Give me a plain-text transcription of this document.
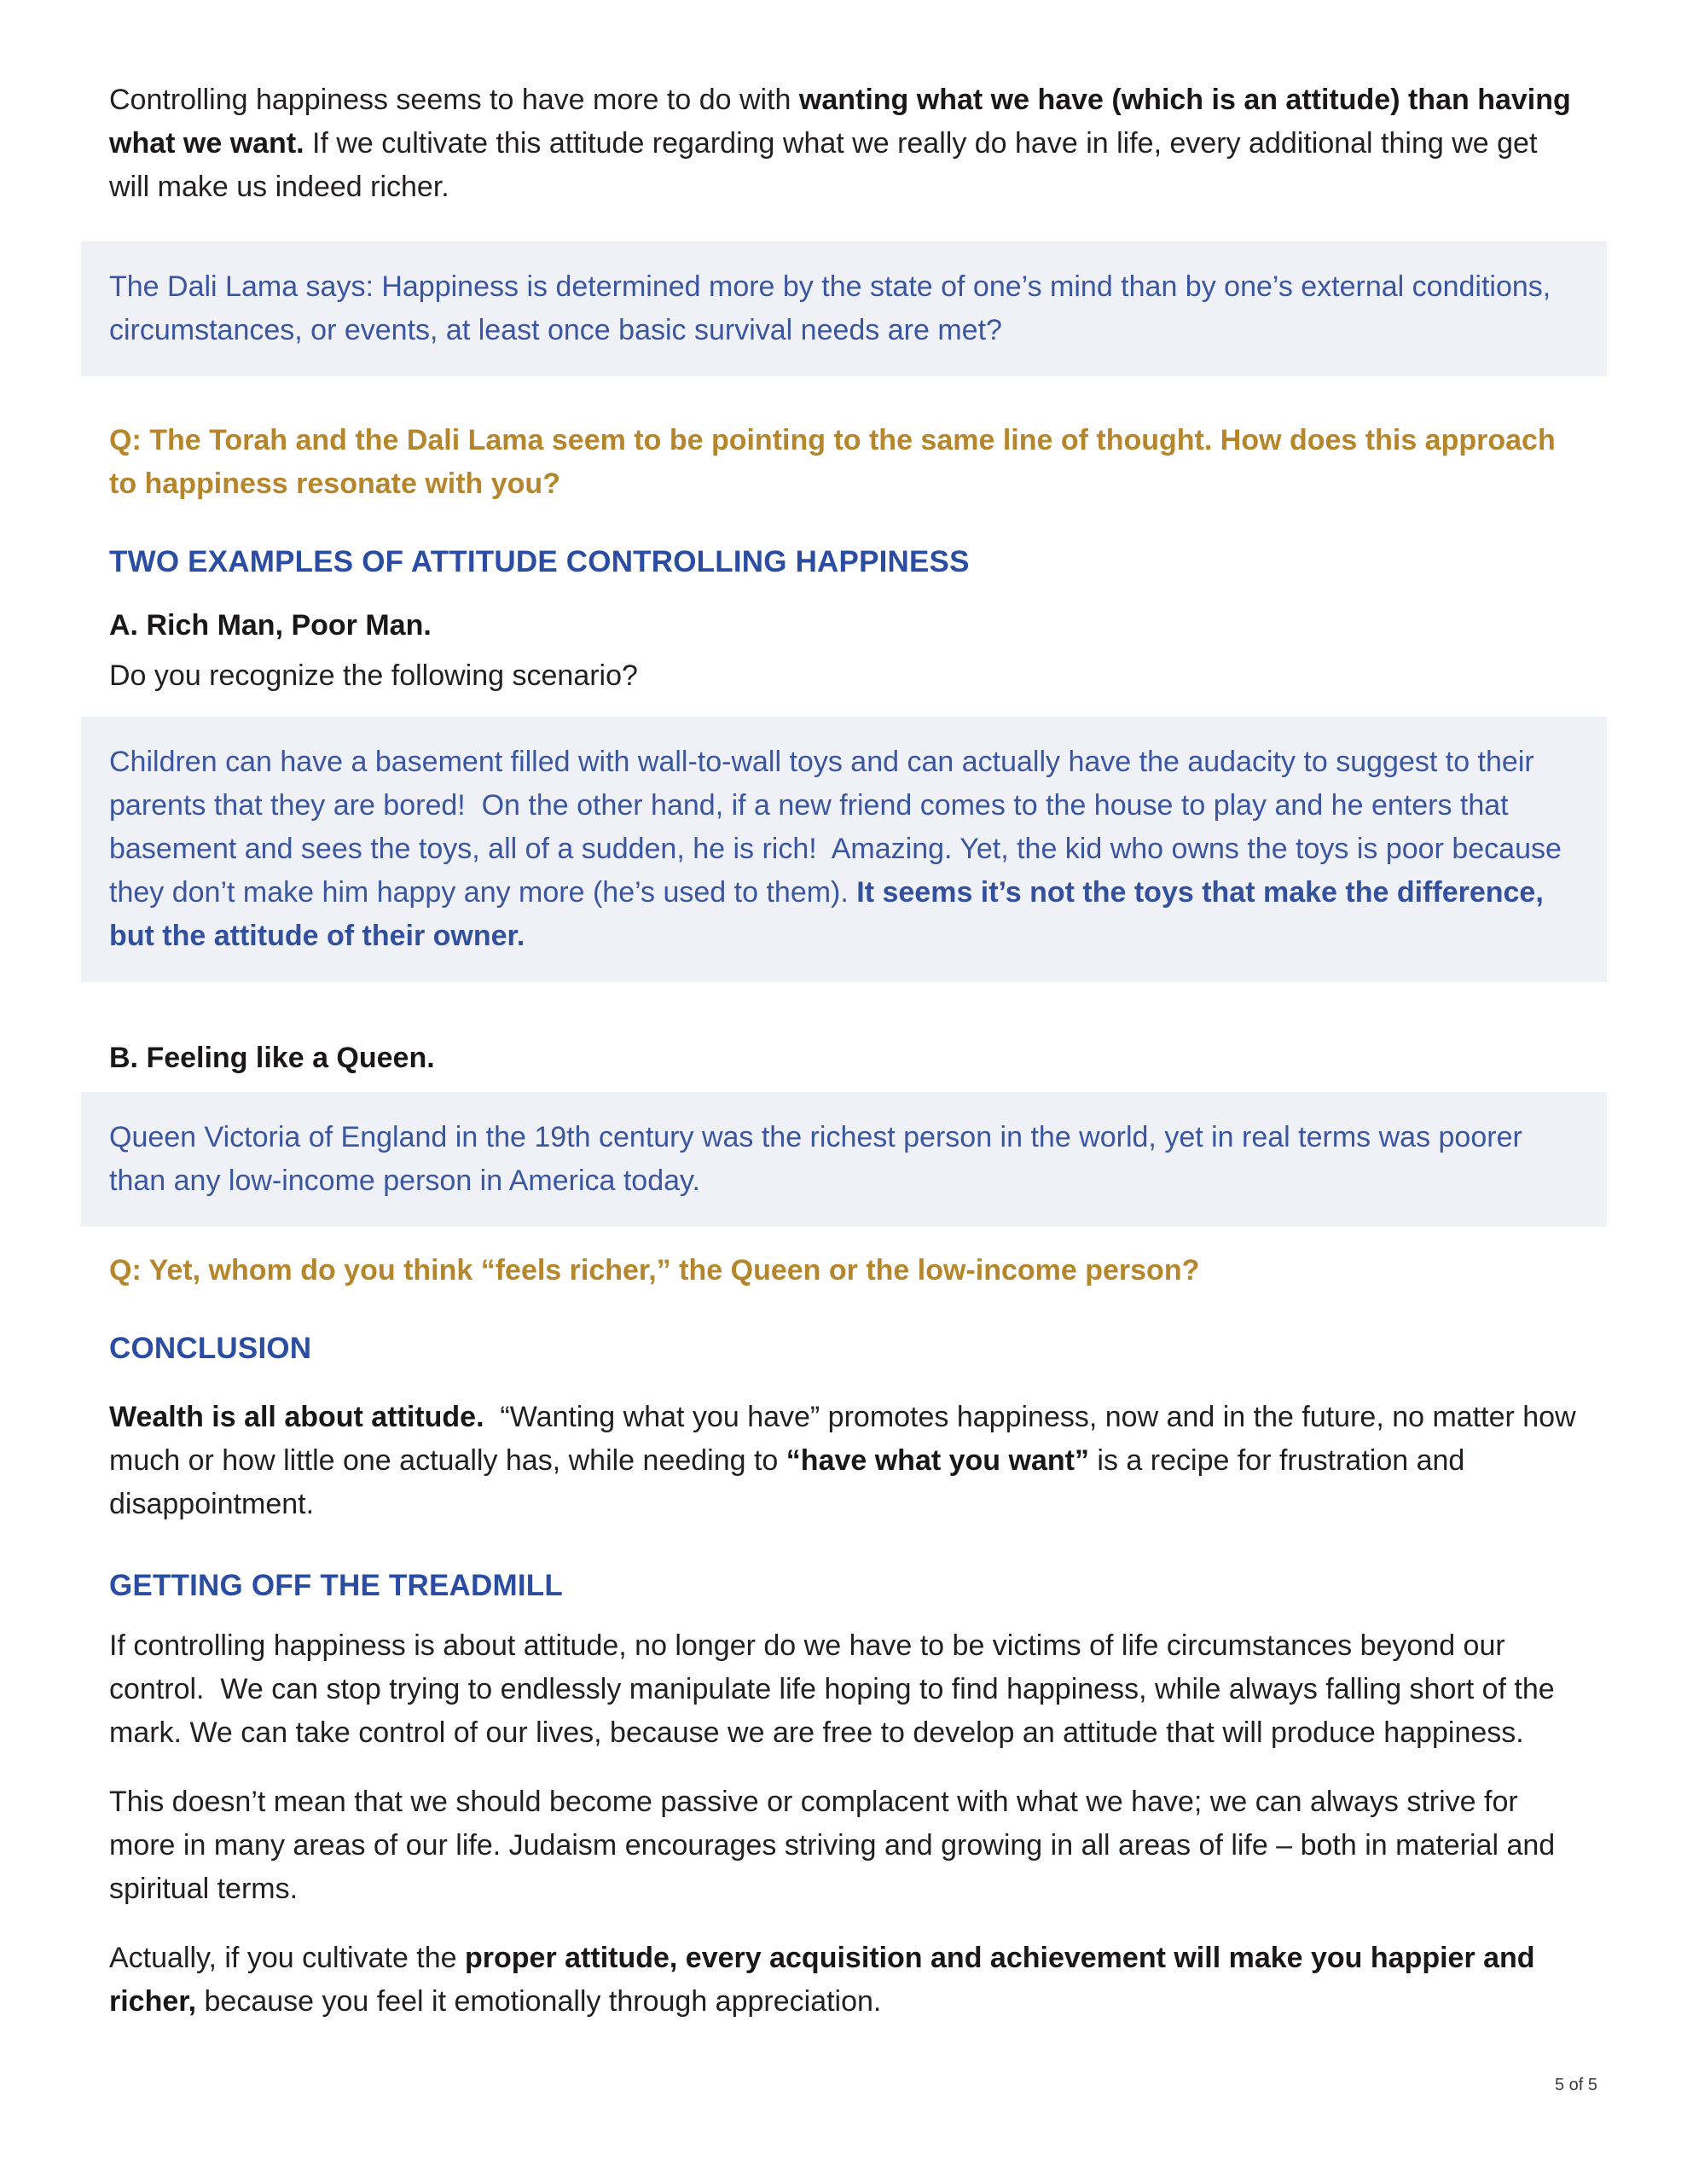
Controlling happiness seems to have more to do with wanting what we have (which is an attitude) than having what we want. If we cultivate this attitude regarding what we really do have in life, every additional thing we get will make us indeed richer.

The Dali Lama says: Happiness is determined more by the state of one’s mind than by one’s external conditions, circumstances, or events, at least once basic survival needs are met?

Q: The Torah and the Dali Lama seem to be pointing to the same line of thought. How does this approach to happiness resonate with you?

TWO EXAMPLES OF ATTITUDE CONTROLLING HAPPINESS

A. Rich Man, Poor Man.

Do you recognize the following scenario?

Children can have a basement filled with wall-to-wall toys and can actually have the audacity to suggest to their parents that they are bored!  On the other hand, if a new friend comes to the house to play and he enters that basement and sees the toys, all of a sudden, he is rich!  Amazing. Yet, the kid who owns the toys is poor because they don’t make him happy any more (he’s used to them). It seems it’s not the toys that make the difference, but the attitude of their owner.

B. Feeling like a Queen.

Queen Victoria of England in the 19th century was the richest person in the world, yet in real terms was poorer than any low-income person in America today.

Q: Yet, whom do you think “feels richer,” the Queen or the low-income person?

CONCLUSION

Wealth is all about attitude.  “Wanting what you have” promotes happiness, now and in the future, no matter how much or how little one actually has, while needing to “have what you want” is a recipe for frustration and disappointment.

GETTING OFF THE TREADMILL

If controlling happiness is about attitude, no longer do we have to be victims of life circumstances beyond our control.  We can stop trying to endlessly manipulate life hoping to find happiness, while always falling short of the mark. We can take control of our lives, because we are free to develop an attitude that will produce happiness.

This doesn’t mean that we should become passive or complacent with what we have; we can always strive for more in many areas of our life. Judaism encourages striving and growing in all areas of life – both in material and spiritual terms.

Actually, if you cultivate the proper attitude, every acquisition and achievement will make you happier and richer, because you feel it emotionally through appreciation.

5 of 5
